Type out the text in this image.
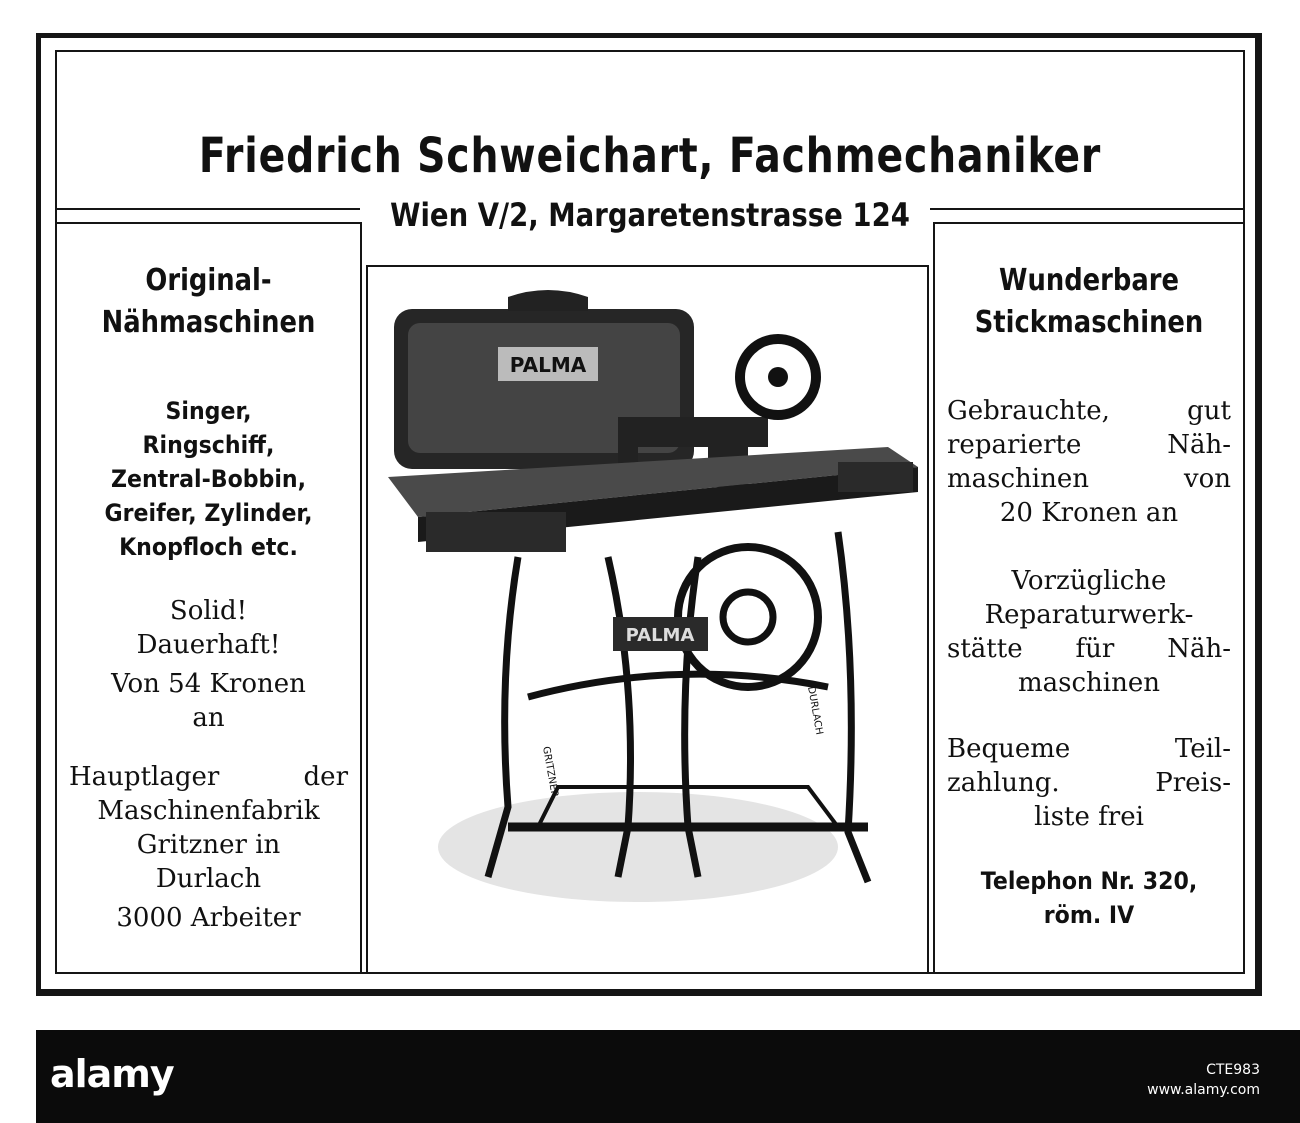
Friedrich Schweichart, Fachmechaniker
Wien V/2, Margaretenstrasse 124
Original-
Nähmaschinen
Singer,
Ringschiff,
Zentral-Bobbin,
Greifer, Zylinder,
Knopfloch etc.
Solid!
Dauerhaft!
Von 54 Kronen
an
Hauptlager der
Maschinenfabrik
Gritzner in
Durlach
3000 Arbeiter
PALMA
PALMA
GRITZNER
DURLACH
Wunderbare
Stickmaschinen
Gebrauchte, gut
reparierte Näh-
maschinen von
20 Kronen an
Vorzügliche
Reparaturwerk-
stätte für Näh-
maschinen
Bequeme Teil-
zahlung. Preis-
liste frei
Telephon Nr. 320,
röm. IV
alamy	CTE983
www.alamy.com
